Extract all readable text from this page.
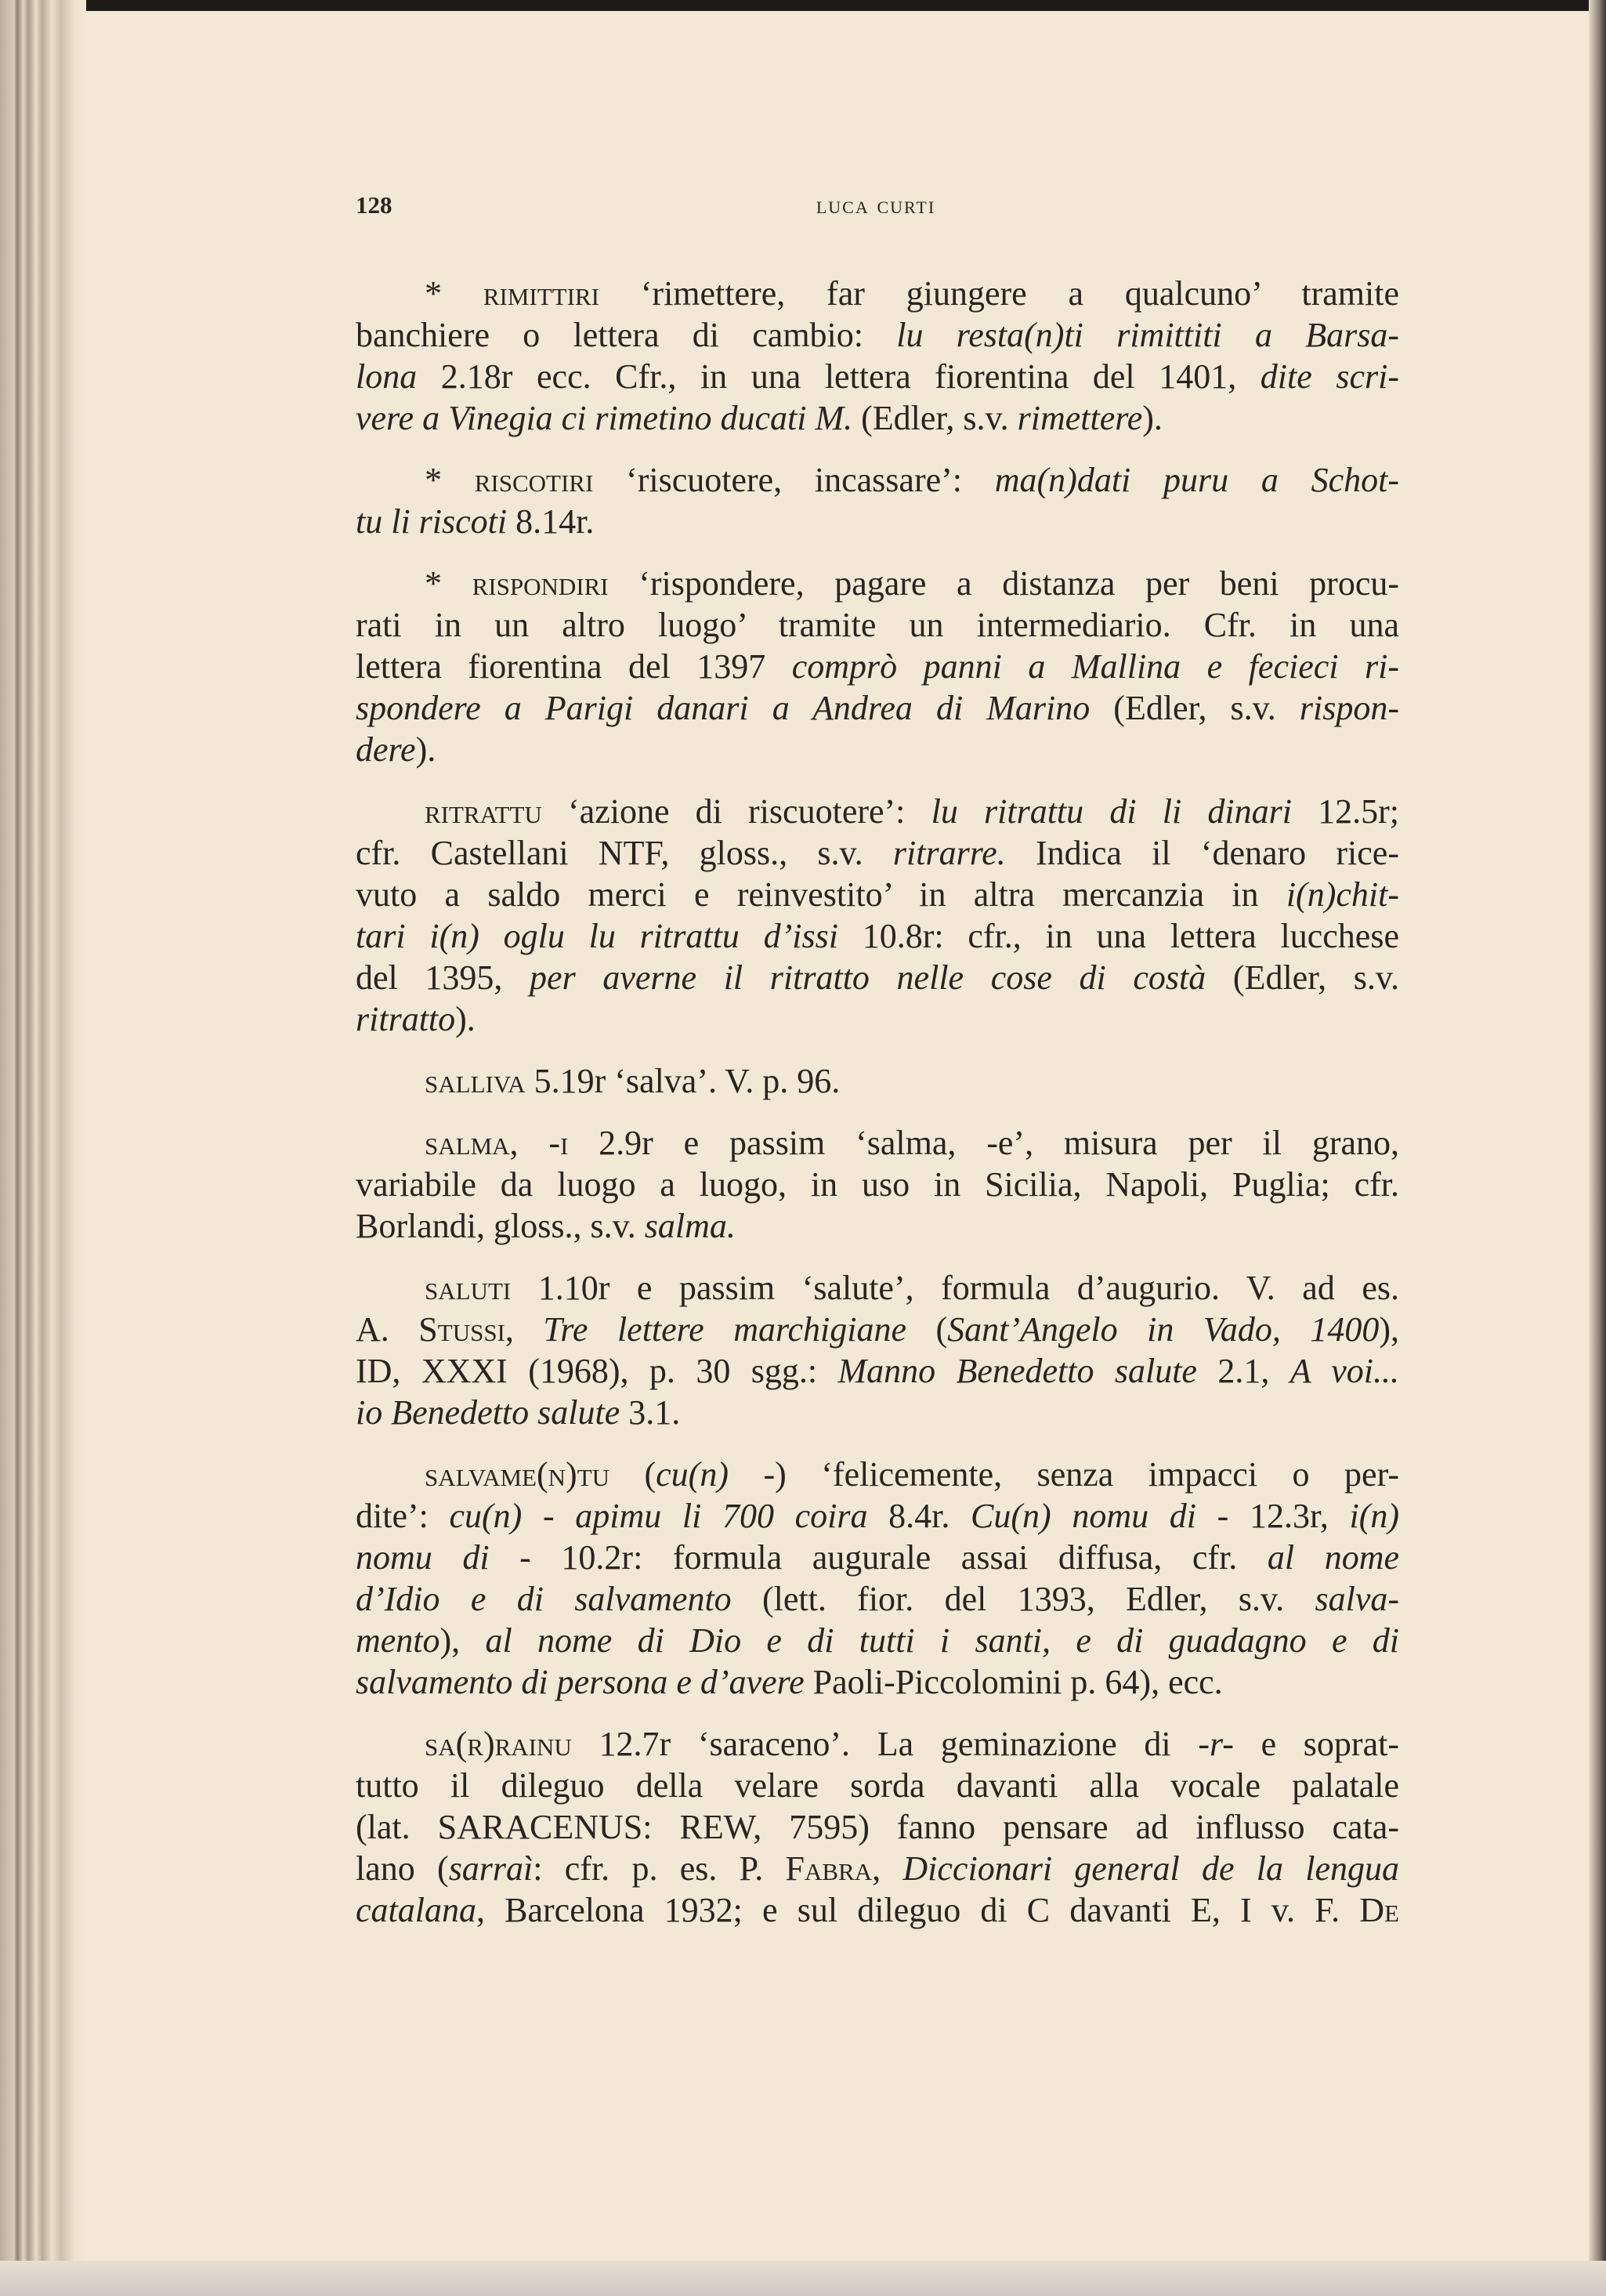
128	luca curti
* rimittiri ‘rimettere, far giungere a qualcuno’ tramite
banchiere o lettera di cambio: lu resta(n)ti rimittiti a Barsa-
lona 2.18r ecc. Cfr., in una lettera fiorentina del 1401, dite scri-
vere a Vinegia ci rimetino ducati M. (Edler, s.v. rimettere).
* riscotiri ‘riscuotere, incassare’: ma(n)dati puru a Schot-
tu li riscoti 8.14r.
* rispondiri ‘rispondere, pagare a distanza per beni procu-
rati in un altro luogo’ tramite un intermediario. Cfr. in una
lettera fiorentina del 1397 comprò panni a Mallina e fecieci ri-
spondere a Parigi danari a Andrea di Marino (Edler, s.v. rispon-
dere).
ritrattu ‘azione di riscuotere’: lu ritrattu di li dinari 12.5r;
cfr. Castellani NTF, gloss., s.v. ritrarre. Indica il ‘denaro rice-
vuto a saldo merci e reinvestito’ in altra mercanzia in i(n)chit-
tari i(n) oglu lu ritrattu d’issi 10.8r: cfr., in una lettera lucchese
del 1395, per averne il ritratto nelle cose di costà (Edler, s.v.
ritratto).
salliva 5.19r ‘salva’. V. p. 96.
salma, -i 2.9r e passim ‘salma, -e’, misura per il grano,
variabile da luogo a luogo, in uso in Sicilia, Napoli, Puglia; cfr.
Borlandi, gloss., s.v. salma.
saluti 1.10r e passim ‘salute’, formula d’augurio. V. ad es.
A. Stussi, Tre lettere marchigiane (Sant’Angelo in Vado, 1400),
ID, XXXI (1968), p. 30 sgg.: Manno Benedetto salute 2.1, A voi...
io Benedetto salute 3.1.
salvame(n)tu (cu(n) -) ‘felicemente, senza impacci o per-
dite’: cu(n) - apimu li 700 coira 8.4r. Cu(n) nomu di - 12.3r, i(n)
nomu di - 10.2r: formula augurale assai diffusa, cfr. al nome
d’Idio e di salvamento (lett. fior. del 1393, Edler, s.v. salva-
mento), al nome di Dio e di tutti i santi, e di guadagno e di
salvamento di persona e d’avere Paoli-Piccolomini p. 64), ecc.
sa(r)rainu 12.7r ‘saraceno’. La geminazione di -r- e soprat-
tutto il dileguo della velare sorda davanti alla vocale palatale
(lat. SARACENUS: REW, 7595) fanno pensare ad influsso cata-
lano (sarraì: cfr. p. es. P. Fabra, Diccionari general de la lengua
catalana, Barcelona 1932; e sul dileguo di C davanti E, I v. F. De
